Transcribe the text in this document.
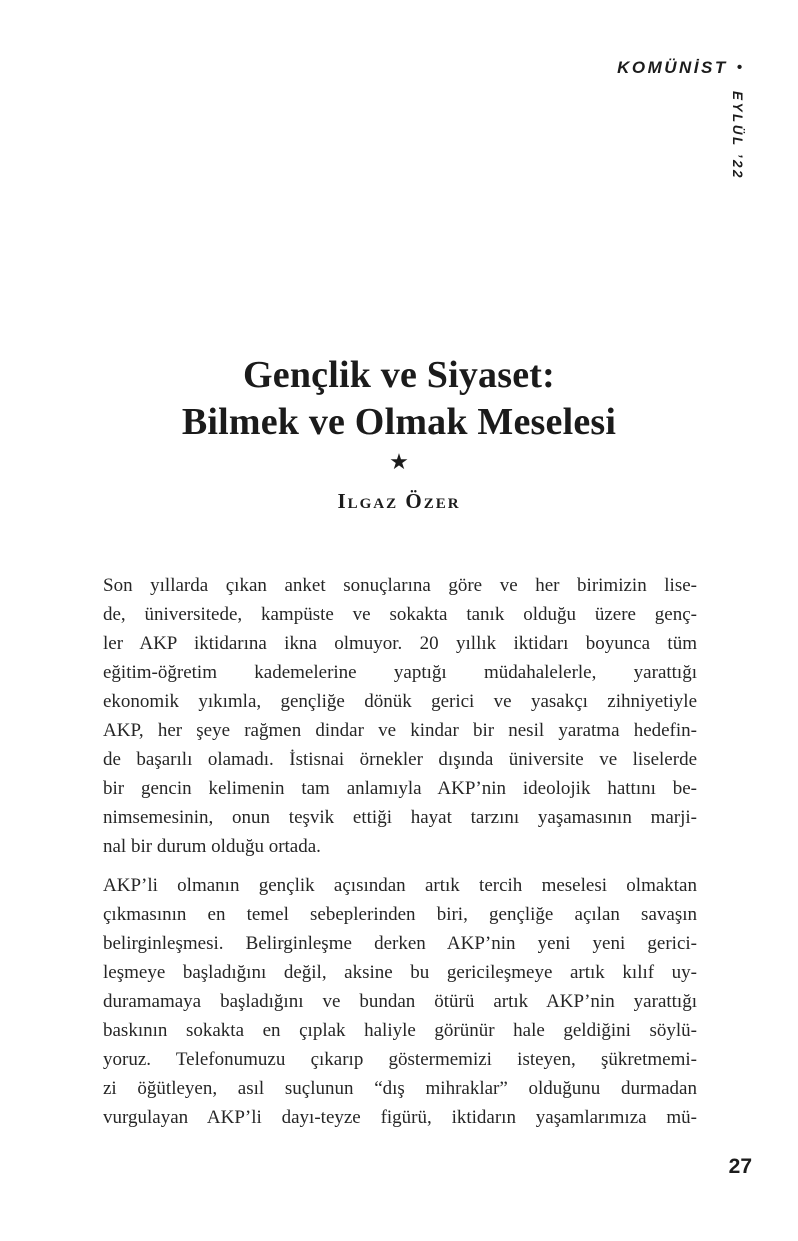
KOMÜNİST •
EYLÜL ’22
Gençlik ve Siyaset:
Bilmek ve Olmak Meselesi
★
Ilgaz Özer

Son yıllarda çıkan anket sonuçlarına göre ve her birimizin lise-
de, üniversitede, kampüste ve sokakta tanık olduğu üzere genç-
ler AKP iktidarına ikna olmuyor. 20 yıllık iktidarı boyunca tüm
eğitim-öğretim kademelerine yaptığı müdahalelerle, yarattığı
ekonomik yıkımla, gençliğe dönük gerici ve yasakçı zihniyetiyle
AKP, her şeye rağmen dindar ve kindar bir nesil yaratma hedefin-
de başarılı olamadı. İstisnai örnekler dışında üniversite ve liselerde
bir gencin kelimenin tam anlamıyla AKP’nin ideolojik hattını be-
nimsemesinin, onun teşvik ettiği hayat tarzını yaşamasının marji-
nal bir durum olduğu ortada.

AKP’li olmanın gençlik açısından artık tercih meselesi olmaktan
çıkmasının en temel sebeplerinden biri, gençliğe açılan savaşın
belirginleşmesi. Belirginleşme derken AKP’nin yeni yeni gerici-
leşmeye başladığını değil, aksine bu gericileşmeye artık kılıf uy-
duramamaya başladığını ve bundan ötürü artık AKP’nin yarattığı
baskının sokakta en çıplak haliyle görünür hale geldiğini söylü-
yoruz. Telefonumuzu çıkarıp göstermemizi isteyen, şükretmemi-
zi öğütleyen, asıl suçlunun “dış mihraklar” olduğunu durmadan
vurgulayan AKP’li dayı-teyze figürü, iktidarın yaşamlarımıza mü-

27
